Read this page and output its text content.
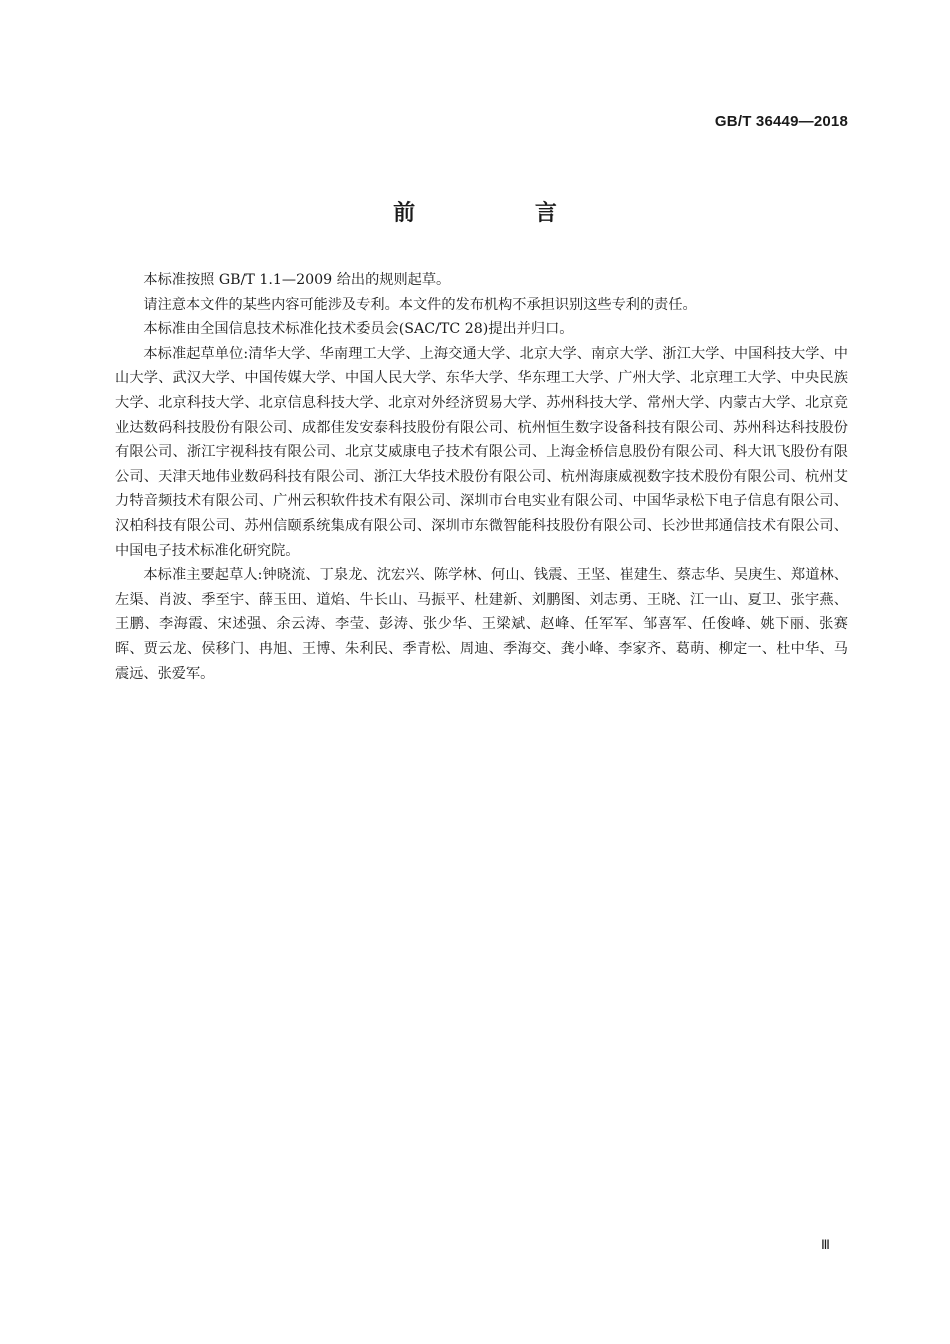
GB/T 36449—2018
前 言

本标准按照 GB/T 1.1—2009 给出的规则起草。

请注意本文件的某些内容可能涉及专利。本文件的发布机构不承担识别这些专利的责任。

本标准由全国信息技术标准化技术委员会(SAC/TC 28)提出并归口。

本标准起草单位:清华大学、华南理工大学、上海交通大学、北京大学、南京大学、浙江大学、中国科技大学、中山大学、武汉大学、中国传媒大学、中国人民大学、东华大学、华东理工大学、广州大学、北京理工大学、中央民族大学、北京科技大学、北京信息科技大学、北京对外经济贸易大学、苏州科技大学、常州大学、内蒙古大学、北京竞业达数码科技股份有限公司、成都佳发安泰科技股份有限公司、杭州恒生数字设备科技有限公司、苏州科达科技股份有限公司、浙江宇视科技有限公司、北京艾威康电子技术有限公司、上海金桥信息股份有限公司、科大讯飞股份有限公司、天津天地伟业数码科技有限公司、浙江大华技术股份有限公司、杭州海康威视数字技术股份有限公司、杭州艾力特音频技术有限公司、广州云积软件技术有限公司、深圳市台电实业有限公司、中国华录松下电子信息有限公司、汉柏科技有限公司、苏州信颐系统集成有限公司、深圳市东微智能科技股份有限公司、长沙世邦通信技术有限公司、中国电子技术标准化研究院。

本标准主要起草人:钟晓流、丁泉龙、沈宏兴、陈学林、何山、钱震、王坚、崔建生、蔡志华、吴庚生、郑道林、左渠、肖波、季至宇、薛玉田、道焰、牛长山、马振平、杜建新、刘鹏图、刘志勇、王晓、江一山、夏卫、张宇燕、王鹏、李海霞、宋述强、余云涛、李莹、彭涛、张少华、王梁斌、赵峰、任军军、邹喜军、任俊峰、姚下丽、张赛晖、贾云龙、侯移门、冉旭、王博、朱利民、季青松、周迪、季海交、龚小峰、李家齐、葛萌、柳定一、杜中华、马震远、张爱军。

Ⅲ
